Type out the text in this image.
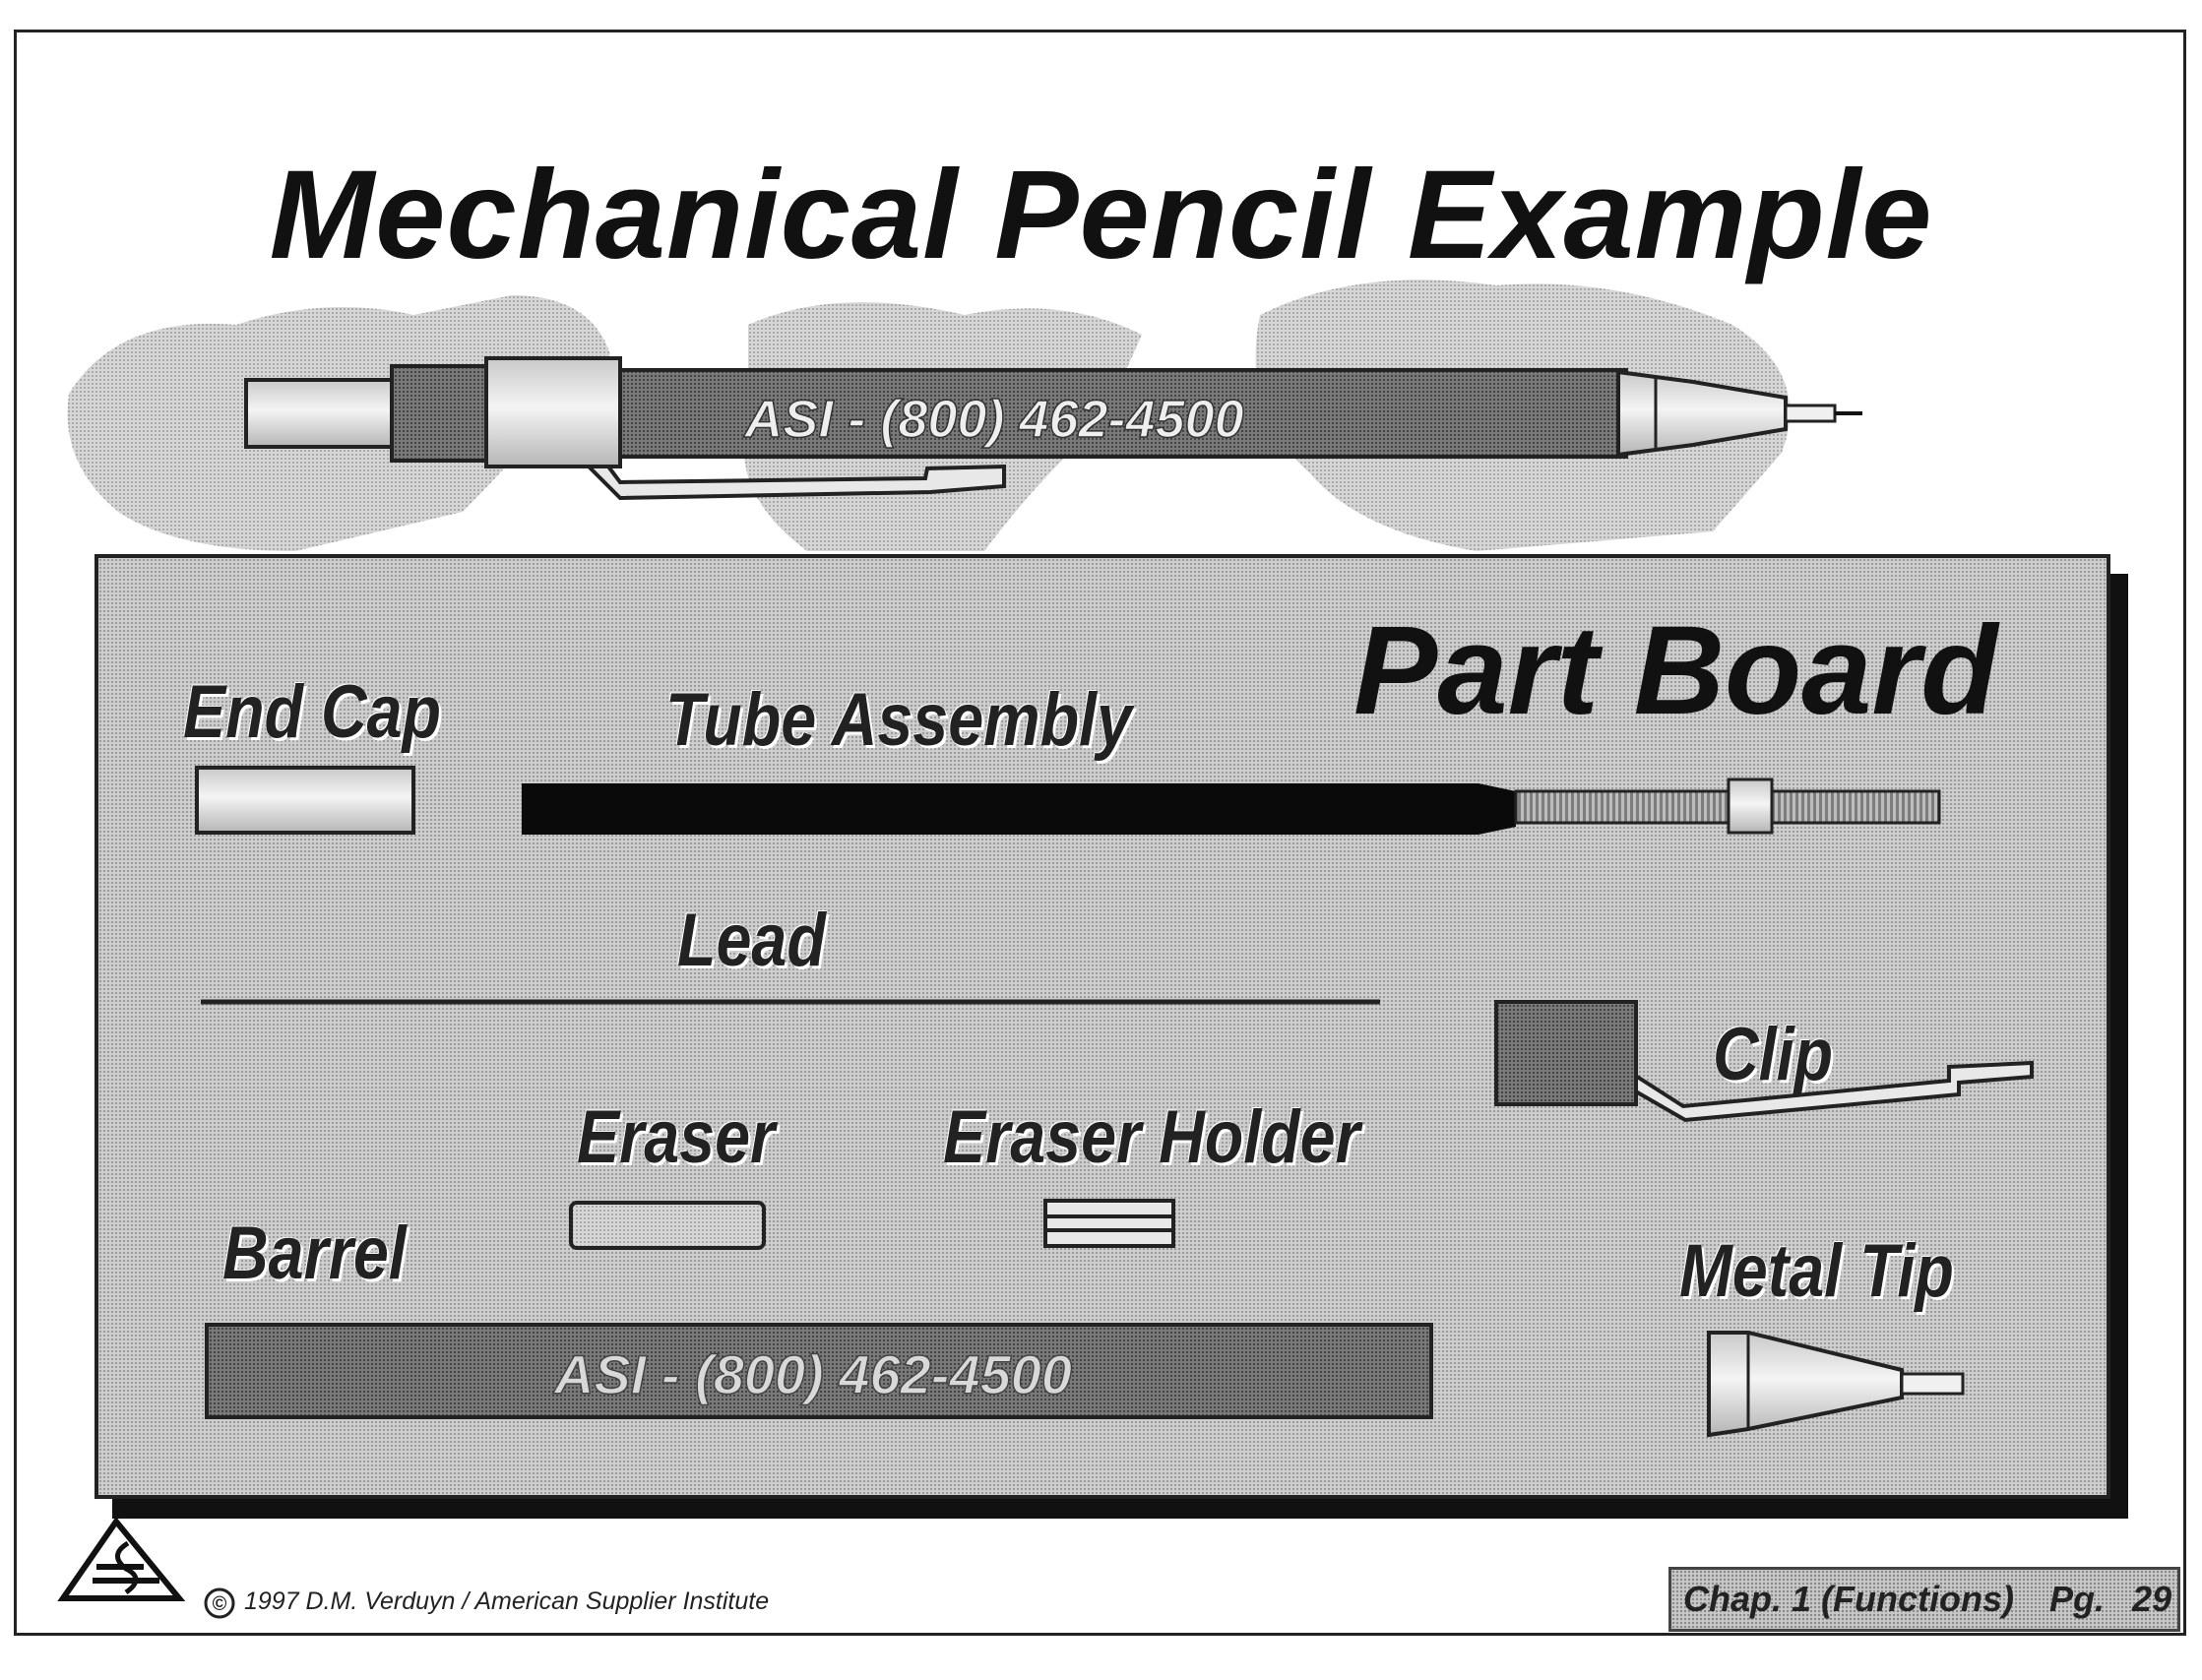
Mechanical Pencil Example
ASI - (800) 462-4500
Part Board
End Cap	Tube Assembly
Lead
Clip
Eraser Eraser Holder
Barrel	Metal Tip
ASI - (800) 462-4500
© 1997 D.M. Verduyn / American Supplier Institute	Chap. 1 (Functions) Pg. 29
